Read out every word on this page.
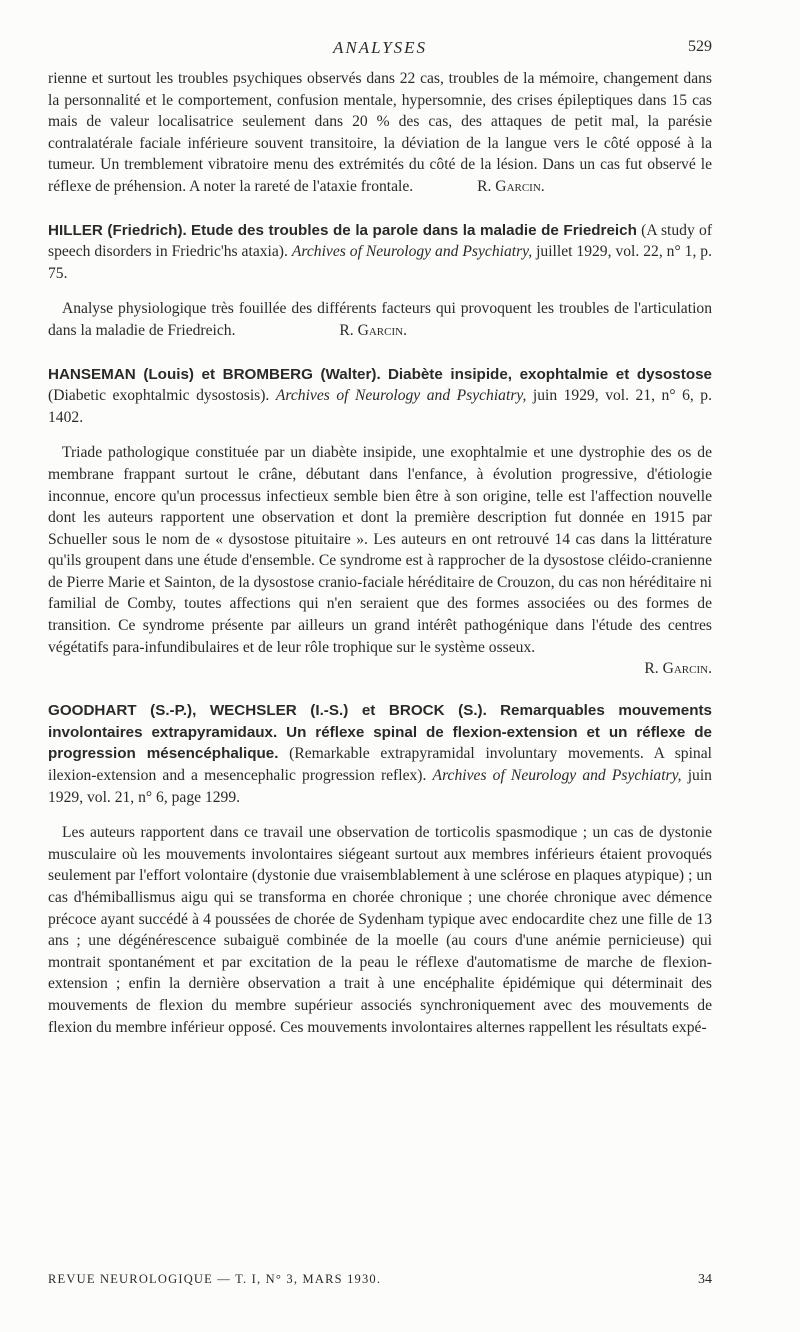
ANALYSES	529

rienne et surtout les troubles psychiques observés dans 22 cas, troubles de la mémoire, changement dans la personnalité et le comportement, confusion mentale, hypersomnie, des crises épileptiques dans 15 cas mais de valeur localisatrice seulement dans 20 % des cas, des attaques de petit mal, la parésie contralatérale faciale inférieure souvent transitoire, la déviation de la langue vers le côté opposé à la tumeur. Un tremblement vibratoire menu des extrémités du côté de la lésion. Dans un cas fut observé le réflexe de préhension. A noter la rareté de l'ataxie frontale.	R. Garcin.

HILLER (Friedrich). Etude des troubles de la parole dans la maladie de Friedreich (A study of speech disorders in Friedric'hs ataxia). Archives of Neurology and Psychiatry, juillet 1929, vol. 22, n° 1, p. 75.

Analyse physiologique très fouillée des différents facteurs qui provoquent les troubles de l'articulation dans la maladie de Friedreich.	R. Garcin.

HANSEMAN (Louis) et BROMBERG (Walter). Diabète insipide, exophtalmie et dysostose (Diabetic exophtalmic dysostosis). Archives of Neurology and Psychiatry, juin 1929, vol. 21, n° 6, p. 1402.

Triade pathologique constituée par un diabète insipide, une exophtalmie et une dystrophie des os de membrane frappant surtout le crâne, débutant dans l'enfance, à évolution progressive, d'étiologie inconnue, encore qu'un processus infectieux semble bien être à son origine, telle est l'affection nouvelle dont les auteurs rapportent une observation et dont la première description fut donnée en 1915 par Schueller sous le nom de « dysostose pituitaire ». Les auteurs en ont retrouvé 14 cas dans la littérature qu'ils groupent dans une étude d'ensemble. Ce syndrome est à rapprocher de la dysostose cléido-cranienne de Pierre Marie et Sainton, de la dysostose cranio-faciale héréditaire de Crouzon, du cas non héréditaire ni familial de Comby, toutes affections qui n'en seraient que des formes associées ou des formes de transition. Ce syndrome présente par ailleurs un grand intérêt pathogénique dans l'étude des centres végétatifs para-infundibulaires et de leur rôle trophique sur le système osseux.

R. Garcin.

GOODHART (S.-P.), WECHSLER (I.-S.) et BROCK (S.). Remarquables mouvements involontaires extrapyramidaux. Un réflexe spinal de flexion-extension et un réflexe de progression mésencéphalique. (Remarkable extrapyramidal involuntary movements. A spinal ilexion-extension and a mesencephalic progression reflex). Archives of Neurology and Psychiatry, juin 1929, vol. 21, n° 6, page 1299.

Les auteurs rapportent dans ce travail une observation de torticolis spasmodique ; un cas de dystonie musculaire où les mouvements involontaires siégeant surtout aux membres inférieurs étaient provoqués seulement par l'effort volontaire (dystonie due vraisemblablement à une sclérose en plaques atypique) ; un cas d'hémiballismus aigu qui se transforma en chorée chronique ; une chorée chronique avec démence précoce ayant succédé à 4 poussées de chorée de Sydenham typique avec endocardite chez une fille de 13 ans ; une dégénérescence subaiguë combinée de la moelle (au cours d'une anémie pernicieuse) qui montrait spontanément et par excitation de la peau le réflexe d'automatisme de marche de flexion-extension ; enfin la dernière observation a trait à une encéphalite épidémique qui déterminait des mouvements de flexion du membre supérieur associés synchroniquement avec des mouvements de flexion du membre inférieur opposé. Ces mouvements involontaires alternes rappellent les résultats expé-

REVUE NEUROLOGIQUE — T. I, N° 3, MARS 1930.	34
